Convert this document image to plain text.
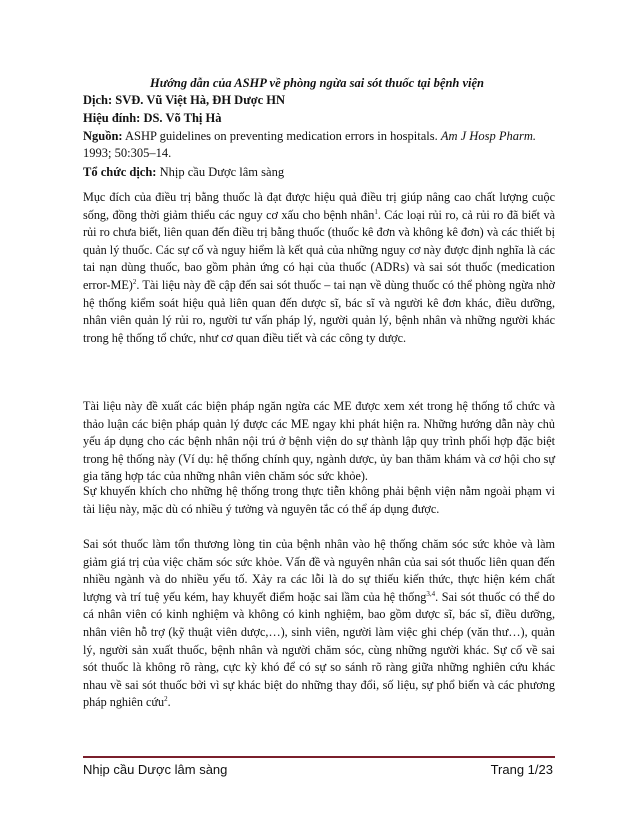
Hướng dẫn của ASHP về phòng ngừa sai sót thuốc tại bệnh viện
Dịch: SVĐ. Vũ Việt Hà, ĐH Dược HN
Hiệu đính: DS. Võ Thị Hà
Nguồn: ASHP guidelines on preventing medication errors in hospitals. Am J Hosp Pharm. 1993; 50:305–14.
Tổ chức dịch: Nhịp cầu Dược lâm sàng
Mục đích của điều trị bằng thuốc là đạt được hiệu quả điều trị giúp nâng cao chất lượng cuộc sống, đồng thời giảm thiểu các nguy cơ xấu cho bệnh nhân$^1$. Các loại rủi ro, cả rủi ro đã biết và rủi ro chưa biết, liên quan đến điều trị bằng thuốc (thuốc kê đơn và không kê đơn) và các thiết bị quản lý thuốc. Các sự cố và nguy hiểm là kết quả của những nguy cơ này được định nghĩa là các tai nạn dùng thuốc, bao gồm phản ứng có hại của thuốc (ADRs) và sai sót thuốc (medication error-ME)$^2$. Tài liệu này đề cập đến sai sót thuốc – tai nạn về dùng thuốc có thể phòng ngừa nhờ hệ thống kiểm soát hiệu quả liên quan đến dược sĩ, bác sĩ và người kê đơn khác, điều dưỡng, nhân viên quản lý rủi ro, người tư vấn pháp lý, người quản lý, bệnh nhân và những người khác trong hệ thống tổ chức, như cơ quan điều tiết và các công ty dược.
Tài liệu này đề xuất các biện pháp ngăn ngừa các ME được xem xét trong hệ thống tổ chức và thảo luận các biện pháp quản lý được các ME ngay khi phát hiện ra. Những hướng dẫn này chủ yếu áp dụng cho các bệnh nhân nội trú ở bệnh viện do sự thành lập quy trình phối hợp đặc biệt trong hệ thống này (Ví dụ: hệ thống chính quy, ngành dược, ủy ban thăm khám và cơ hội cho sự gia tăng hợp tác của những nhân viên chăm sóc sức khỏe).
Sự khuyến khích cho những hệ thống trong thực tiễn không phải bệnh viện nằm ngoài phạm vi tài liệu này, mặc dù có nhiều ý tưởng và nguyên tắc có thể áp dụng được.
Sai sót thuốc làm tổn thương lòng tin của bệnh nhân vào hệ thống chăm sóc sức khỏe và làm giảm giá trị của việc chăm sóc sức khỏe. Vấn đề và nguyên nhân của sai sót thuốc liên quan đến nhiều ngành và do nhiều yếu tố. Xảy ra các lỗi là do sự thiếu kiến thức, thực hiện kém chất lượng và trí tuệ yếu kém, hay khuyết điểm hoặc sai lầm của hệ thống$^{3,4}$. Sai sót thuốc có thể do cá nhân viên có kinh nghiệm và không có kinh nghiệm, bao gồm dược sĩ, bác sĩ, điều dưỡng, nhân viên hỗ trợ (kỹ thuật viên dược,…), sinh viên, người làm việc ghi chép (văn thư…), quản lý, người sản xuất thuốc, bệnh nhân và người chăm sóc, cùng những người khác. Sự cố về sai sót thuốc là không rõ ràng, cực kỳ khó để có sự so sánh rõ ràng giữa những nghiên cứu khác nhau về sai sót thuốc bởi vì sự khác biệt do những thay đổi, số liệu, sự phổ biến và các phương pháp nghiên cứu$^2$.
Nhịp cầu Dược lâm sàng	Trang 1/23
